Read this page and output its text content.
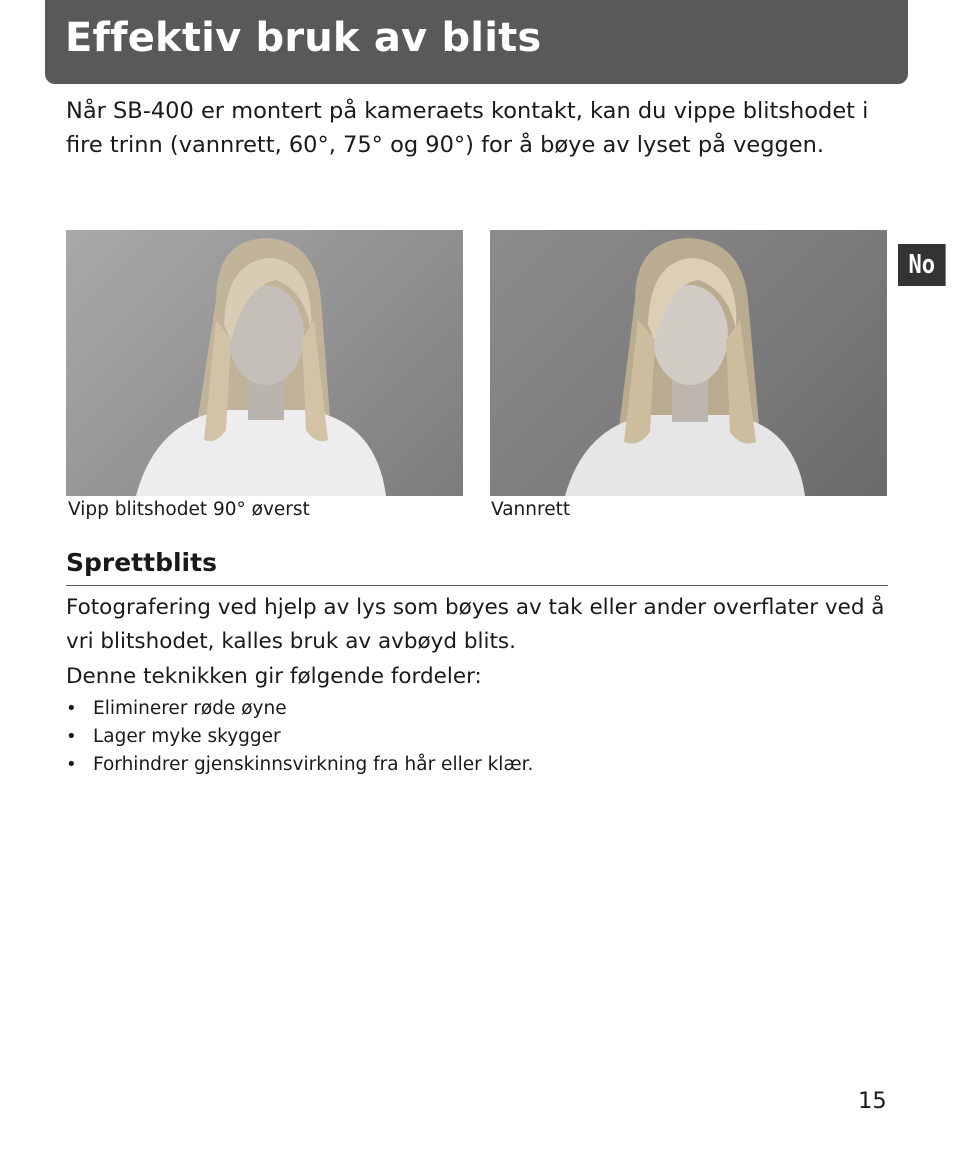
Effektiv bruk av blits

Når SB-400 er montert på kameraets kontakt, kan du vippe blitshodet i fire trinn (vannrett, 60°, 75° og 90°) for å bøye av lyset på veggen.

No
Vipp blitshodet 90° øverst	Vannrett
Sprettblits

Fotografering ved hjelp av lys som bøyes av tak eller ander overflater ved å vri blitshodet, kalles bruk av avbøyd blits.

Denne teknikken gir følgende fordeler:

• Eliminerer røde øyne
• Lager myke skygger
• Forhindrer gjenskinnsvirkning fra hår eller klær.
15
